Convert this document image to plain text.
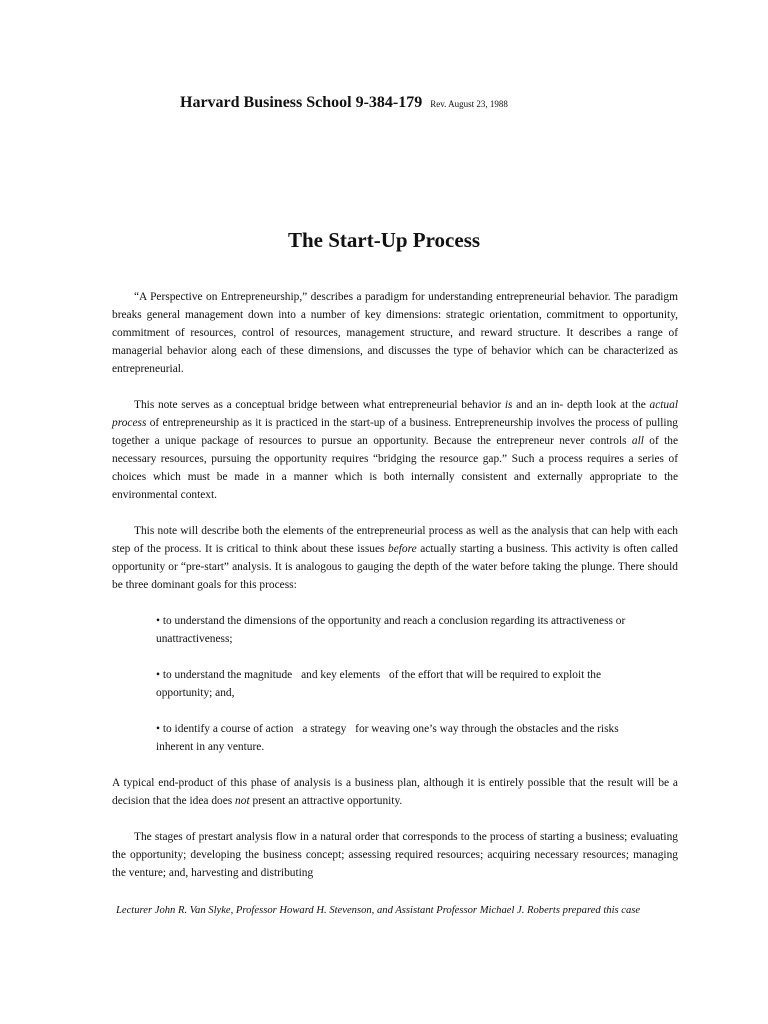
Harvard Business School 9-384-179 Rev. August 23, 1988
The Start-Up Process

“A Perspective on Entrepreneurship,” describes a paradigm for understanding entrepreneurial behavior. The paradigm breaks general management down into a number of key dimensions: strategic orientation, commitment to opportunity, commitment of resources, control of resources, management structure, and reward structure. It describes a range of managerial behavior along each of these dimensions, and discusses the type of behavior which can be characterized as entrepreneurial.

This note serves as a conceptual bridge between what entrepreneurial behavior is and an in- depth look at the actual process of entrepreneurship as it is practiced in the start-up of a business. Entrepreneurship involves the process of pulling together a unique package of resources to pursue an opportunity. Because the entrepreneur never controls all of the necessary resources, pursuing the opportunity requires “bridging the resource gap.” Such a process requires a series of choices which must be made in a manner which is both internally consistent and externally appropriate to the environmental context.

This note will describe both the elements of the entrepreneurial process as well as the analysis that can help with each step of the process. It is critical to think about these issues before actually starting a business. This activity is often called opportunity or “pre-start” analysis. It is analogous to gauging the depth of the water before taking the plunge. There should be three dominant goals for this process:

• to understand the dimensions of the opportunity and reach a conclusion regarding its attractiveness or unattractiveness;
• to understand the magnitude and key elements of the effort that will be required to exploit the opportunity; and,
• to identify a course of action a strategy for weaving one’s way through the obstacles and the risks inherent in any venture.

A typical end-product of this phase of analysis is a business plan, although it is entirely possible that the result will be a decision that the idea does not present an attractive opportunity.

The stages of prestart analysis flow in a natural order that corresponds to the process of starting a business; evaluating the opportunity; developing the business concept; assessing required resources; acquiring necessary resources; managing the venture; and, harvesting and distributing

Lecturer John R. Van Slyke, Professor Howard H. Stevenson, and Assistant Professor Michael J. Roberts prepared this case
